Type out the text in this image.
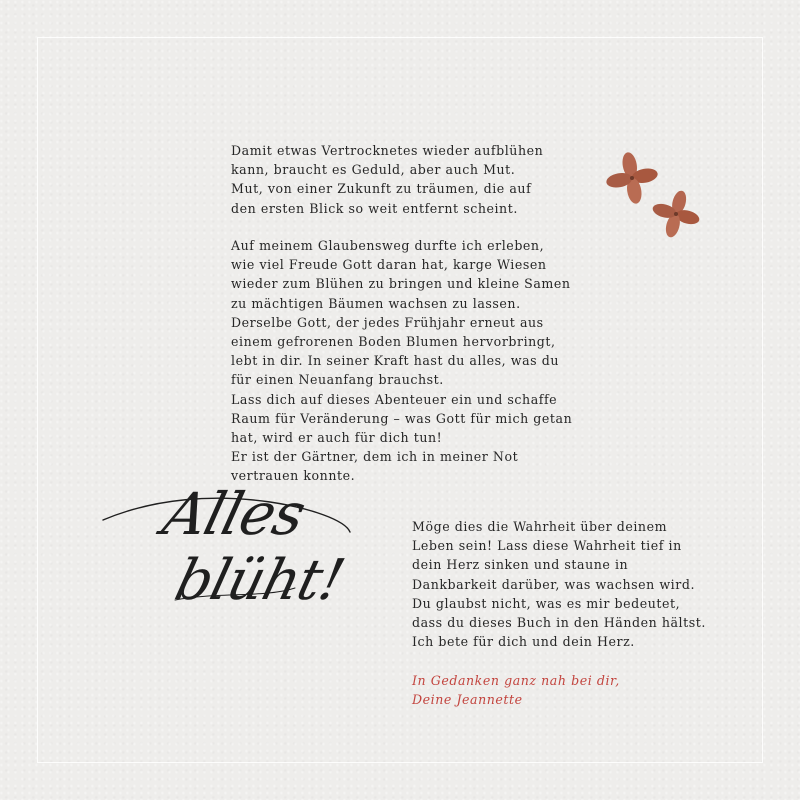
Damit etwas Vertrocknetes wieder aufblühen
kann, braucht es Geduld, aber auch Mut.
Mut, von einer Zukunft zu träumen, die auf
den ersten Blick so weit entfernt scheint.

Auf meinem Glaubensweg durfte ich erleben,
wie viel Freude Gott daran hat, karge Wiesen
wieder zum Blühen zu bringen und kleine Samen
zu mächtigen Bäumen wachsen zu lassen.
Derselbe Gott, der jedes Frühjahr erneut aus
einem gefrorenen Boden Blumen hervorbringt,
lebt in dir. In seiner Kraft hast du alles, was du
für einen Neuanfang brauchst.
Lass dich auf dieses Abenteuer ein und schaffe
Raum für Veränderung – was Gott für mich getan
hat, wird er auch für dich tun!
Er ist der Gärtner, dem ich in meiner Not
vertrauen konnte.

Alles
blüht!

Möge dies die Wahrheit über deinem
Leben sein! Lass diese Wahrheit tief in
dein Herz sinken und staune in
Dankbarkeit darüber, was wachsen wird.
Du glaubst nicht, was es mir bedeutet,
dass du dieses Buch in den Händen hältst.
Ich bete für dich und dein Herz.

In Gedanken ganz nah bei dir,
Deine Jeannette
